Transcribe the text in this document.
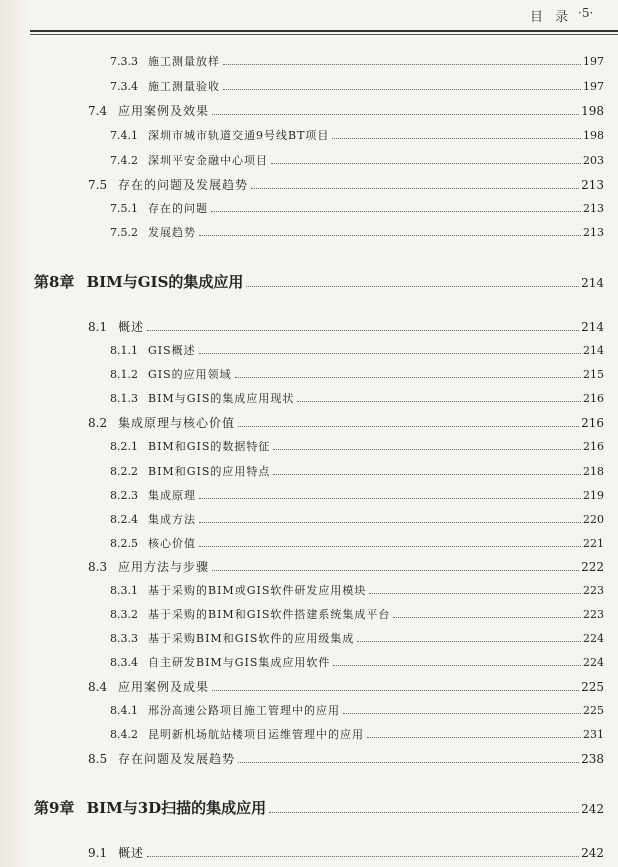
目 录 ·5·
7.3.3 施工测量放样	197
7.3.4 施工测量验收	197
7.4 应用案例及效果	198
7.4.1 深圳市城市轨道交通9号线BT项目	198
7.4.2 深圳平安金融中心项目	203
7.5 存在的问题及发展趋势	213
7.5.1 存在的问题	213
7.5.2 发展趋势	213
第8章 BIM与GIS的集成应用	214
8.1 概述	214
8.1.1 GIS概述	214
8.1.2 GIS的应用领域	215
8.1.3 BIM与GIS的集成应用现状	216
8.2 集成原理与核心价值	216
8.2.1 BIM和GIS的数据特征	216
8.2.2 BIM和GIS的应用特点	218
8.2.3 集成原理	219
8.2.4 集成方法	220
8.2.5 核心价值	221
8.3 应用方法与步骤	222
8.3.1 基于采购的BIM或GIS软件研发应用模块	223
8.3.2 基于采购的BIM和GIS软件搭建系统集成平台	223
8.3.3 基于采购BIM和GIS软件的应用级集成	224
8.3.4 自主研发BIM与GIS集成应用软件	224
8.4 应用案例及成果	225
8.4.1 邢汾高速公路项目施工管理中的应用	225
8.4.2 昆明新机场航站楼项目运维管理中的应用	231
8.5 存在问题及发展趋势	238
第9章 BIM与3D扫描的集成应用	242
9.1 概述	242
